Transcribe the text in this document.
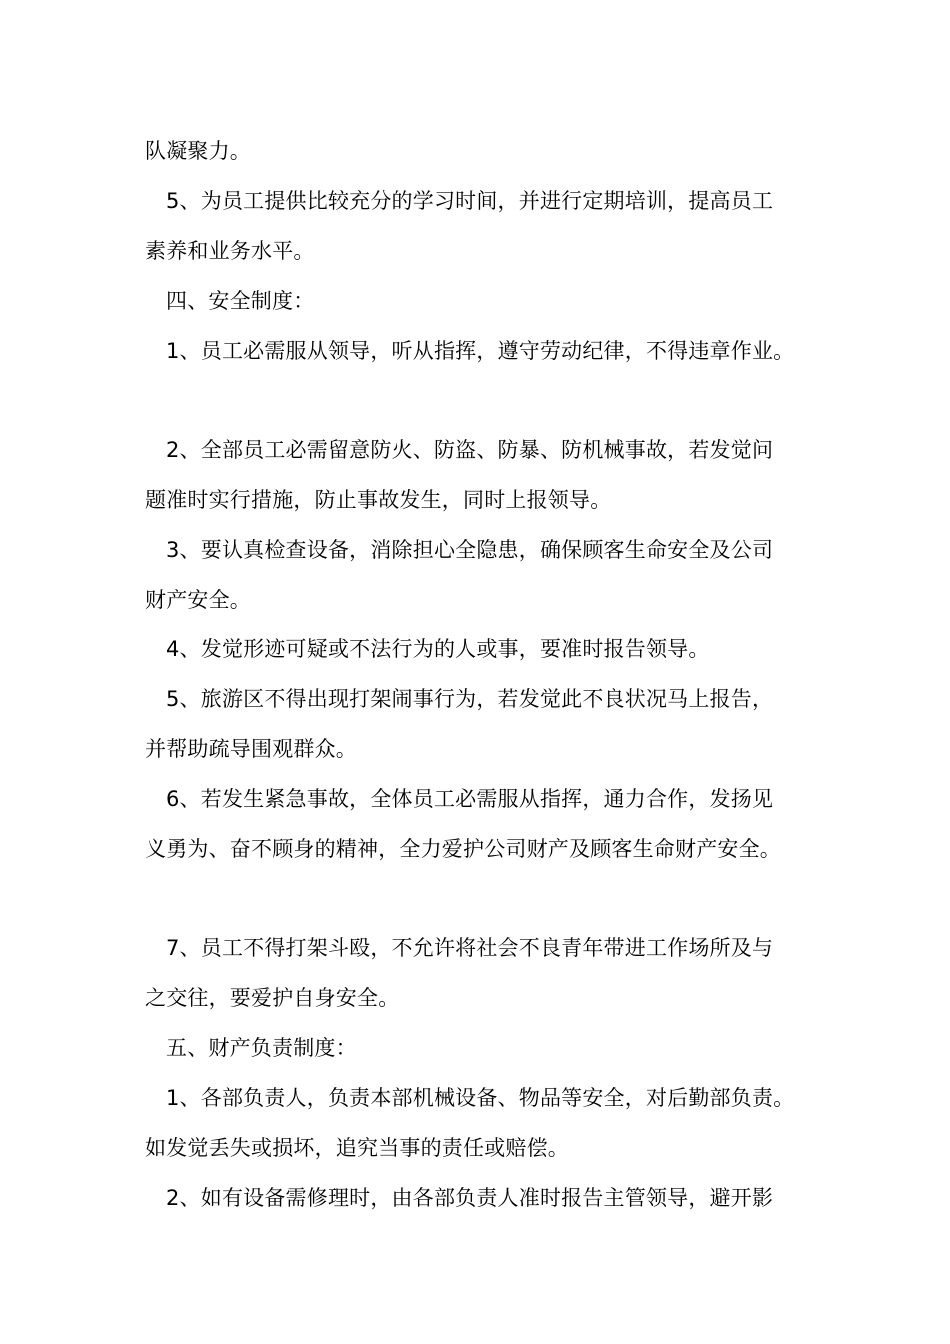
队凝聚力。
5、为员工提供比较充分的学习时间，并进行定期培训，提高员工
素养和业务水平。
四、安全制度：
1、员工必需服从领导，听从指挥，遵守劳动纪律，不得违章作业。
2、全部员工必需留意防火、防盗、防暴、防机械事故，若发觉问
题准时实行措施，防止事故发生，同时上报领导。
3、要认真检查设备，消除担心全隐患，确保顾客生命安全及公司
财产安全。
4、发觉形迹可疑或不法行为的人或事，要准时报告领导。
5、旅游区不得出现打架闹事行为，若发觉此不良状况马上报告，
并帮助疏导围观群众。
6、若发生紧急事故，全体员工必需服从指挥，通力合作，发扬见
义勇为、奋不顾身的精神，全力爱护公司财产及顾客生命财产安全。
7、员工不得打架斗殴，不允许将社会不良青年带进工作场所及与
之交往，要爱护自身安全。
五、财产负责制度：
1、各部负责人，负责本部机械设备、物品等安全，对后勤部负责。
如发觉丢失或损坏，追究当事的责任或赔偿。
2、如有设备需修理时，由各部负责人准时报告主管领导，避开影
